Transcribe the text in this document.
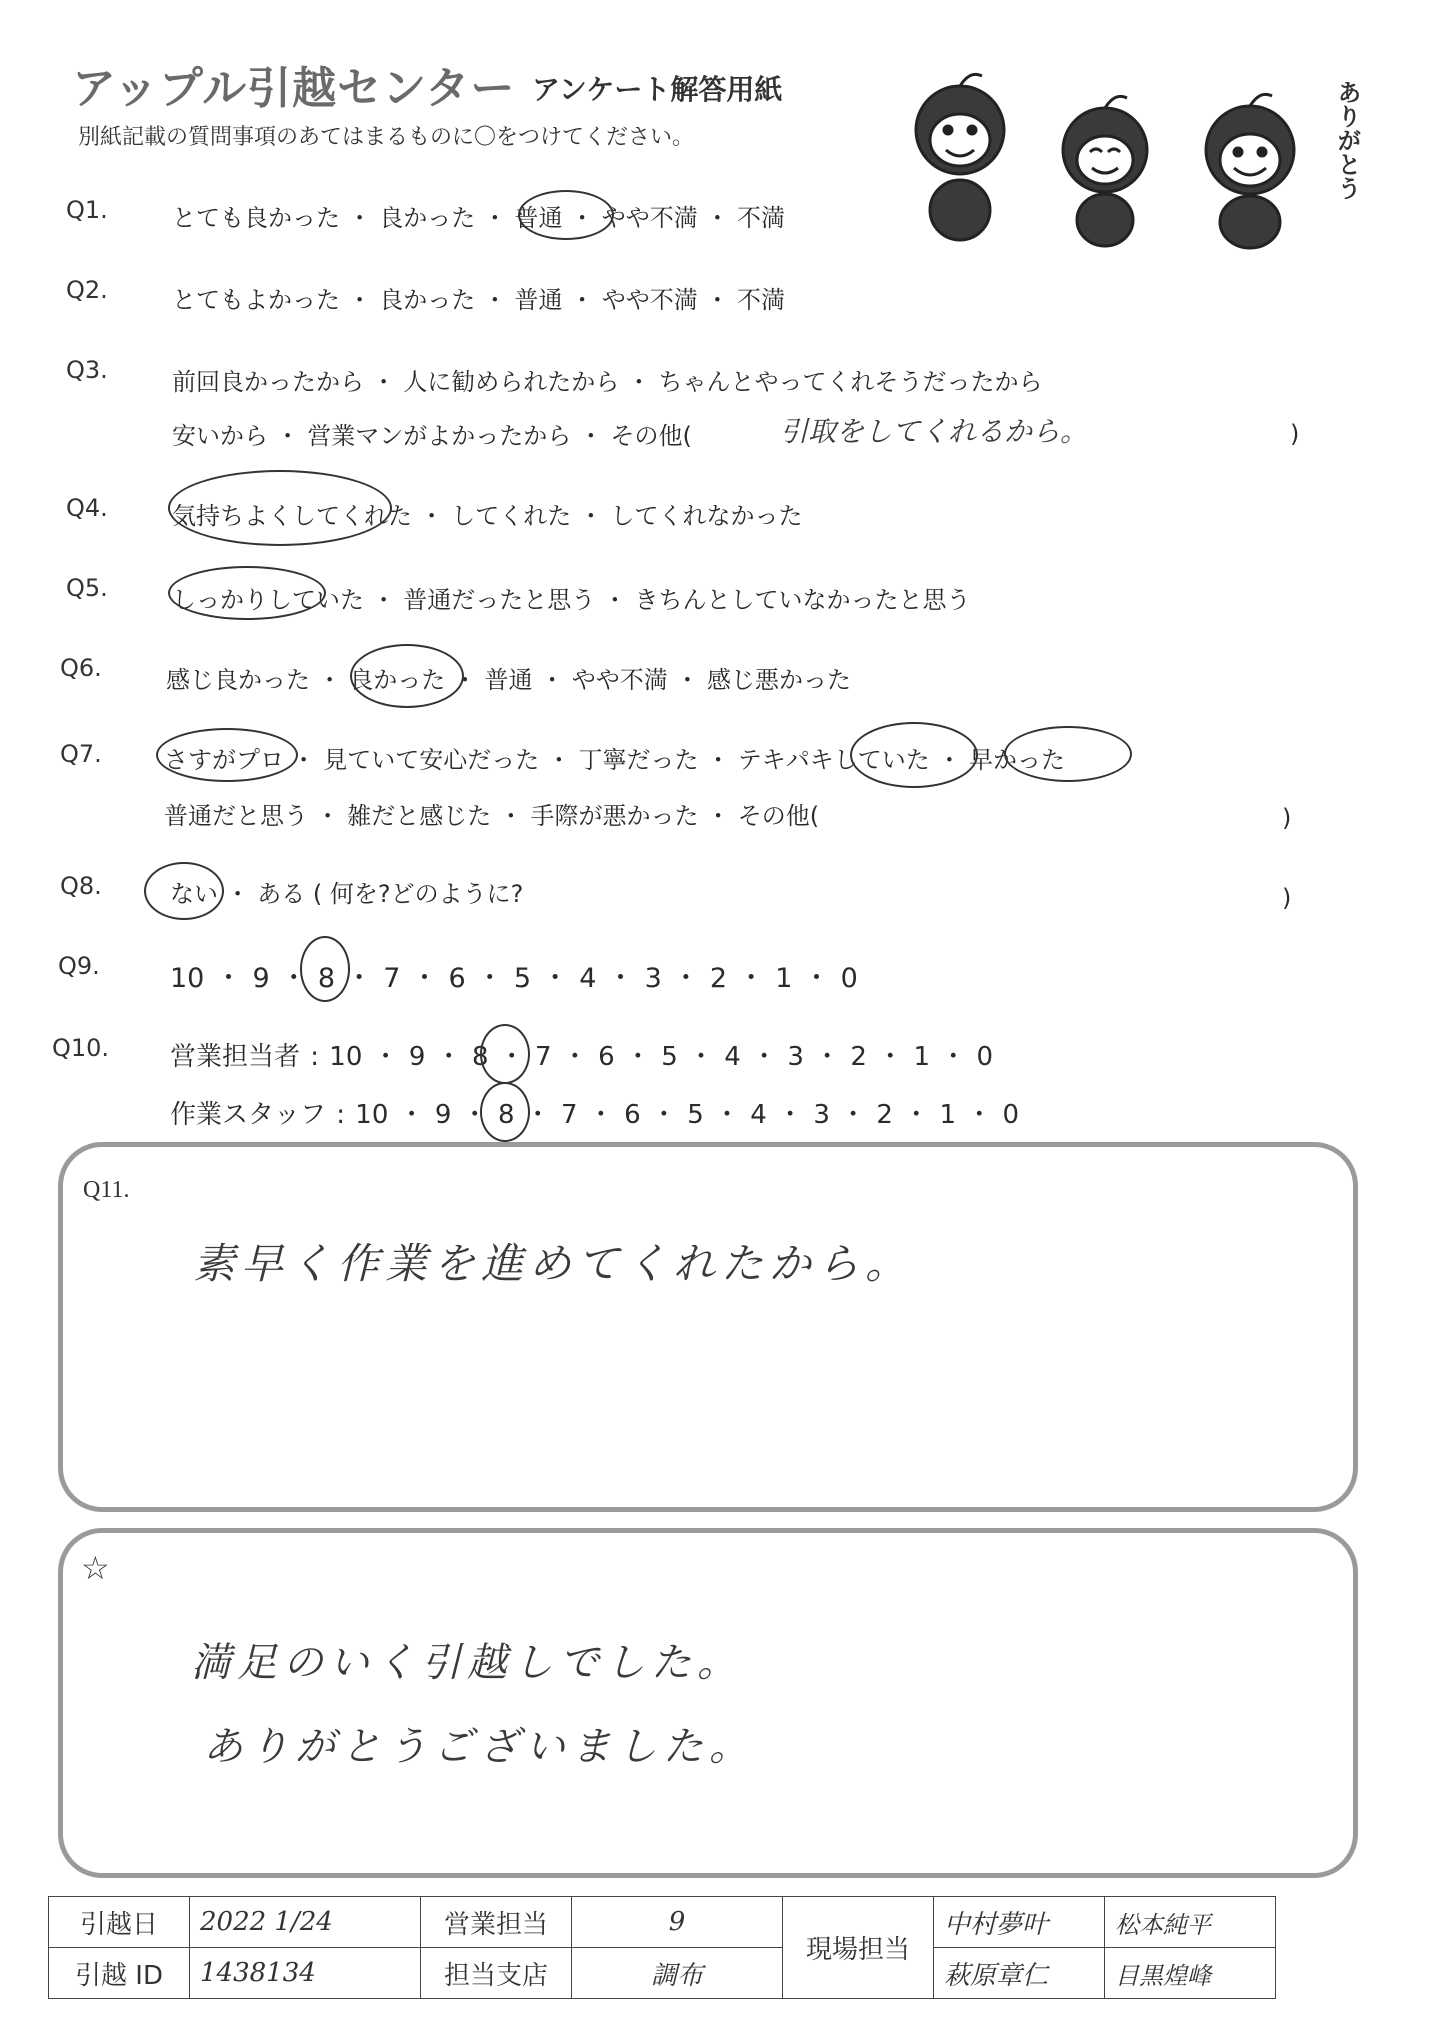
アップル引越センター アンケート解答用紙
別紙記載の質問事項のあてはまるものに〇をつけてください。	ありがとう
Q1.	とても良かった ・ 良かった ・ 普通 ・ やや不満 ・ 不満
Q2.	とてもよかった ・ 良かった ・ 普通 ・ やや不満 ・ 不満
Q3.	前回良かったから ・ 人に勧められたから ・ ちゃんとやってくれそうだったから
安いから ・ 営業マンがよかったから ・ その他(	引取をしてくれるから。	)
Q4.	気持ちよくしてくれた ・ してくれた ・ してくれなかった
Q5.	しっかりしていた ・ 普通だったと思う ・ きちんとしていなかったと思う
Q6.	感じ良かった ・ 良かった ・ 普通 ・ やや不満 ・ 感じ悪かった
Q7.	さすがプロ ・ 見ていて安心だった ・ 丁寧だった ・ テキパキしていた ・ 早かった
普通だと思う ・ 雑だと感じた ・ 手際が悪かった ・ その他(	)
Q8.	ない ・ ある ( 何を?どのように?	)
Q9.	10 ・ 9 ・ 8 ・ 7 ・ 6 ・ 5 ・ 4 ・ 3 ・ 2 ・ 1 ・ 0
Q10. 営業担当者 : 10 ・ 9 ・ 8 ・ 7 ・ 6 ・ 5 ・ 4 ・ 3 ・ 2 ・ 1 ・ 0
作業スタッフ : 10 ・ 9 ・ 8 ・ 7 ・ 6 ・ 5 ・ 4 ・ 3 ・ 2 ・ 1 ・ 0
Q11.
素早く作業を進めてくれたから。
☆
満足のいく引越しでした。
ありがとうございました。
引越日	2022 1/24	営業担当	9	現場担当	中村夢叶	松本純平
引越 ID	1438134	担当支店	調布		萩原章仁	目黒煌峰
